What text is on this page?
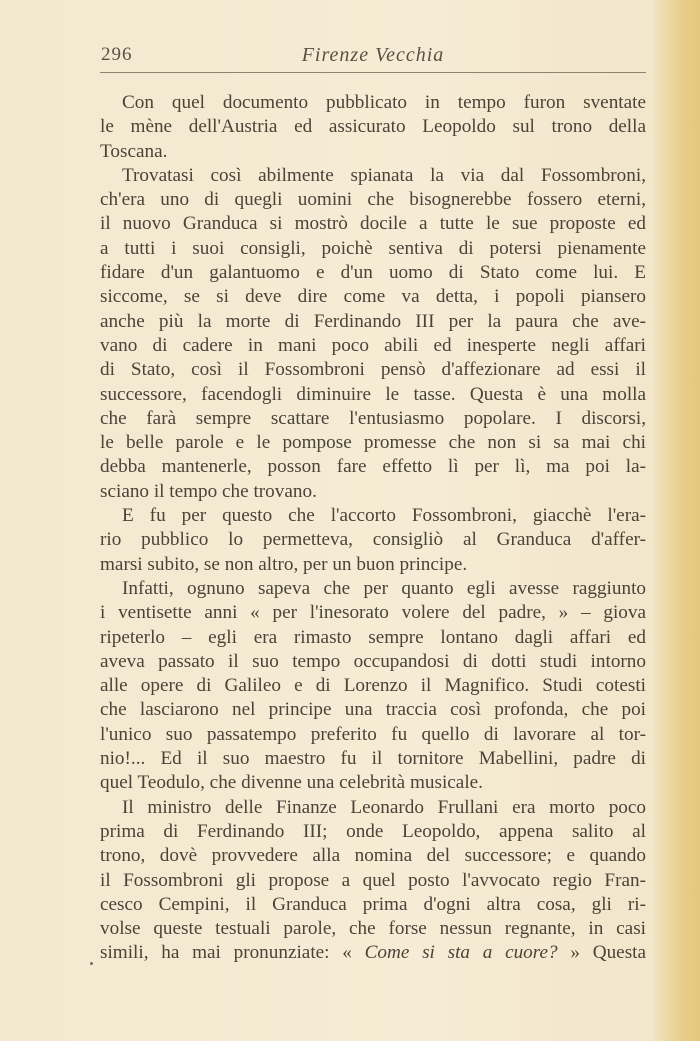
296	Firenze Vecchia
Con quel documento pubblicato in tempo furon sventate
le mène dell'Austria ed assicurato Leopoldo sul trono della
Toscana.
Trovatasi così abilmente spianata la via dal Fossombroni,
ch'era uno di quegli uomini che bisognerebbe fossero eterni,
il nuovo Granduca si mostrò docile a tutte le sue proposte ed
a tutti i suoi consigli, poichè sentiva di potersi pienamente
fidare d'un galantuomo e d'un uomo di Stato come lui. E
siccome, se si deve dire come va detta, i popoli piansero
anche più la morte di Ferdinando III per la paura che ave-
vano di cadere in mani poco abili ed inesperte negli affari
di Stato, così il Fossombroni pensò d'affezionare ad essi il
successore, facendogli diminuire le tasse. Questa è una molla
che farà sempre scattare l'entusiasmo popolare. I discorsi,
le belle parole e le pompose promesse che non si sa mai chi
debba mantenerle, posson fare effetto lì per lì, ma poi la-
sciano il tempo che trovano.
E fu per questo che l'accorto Fossombroni, giacchè l'era-
rio pubblico lo permetteva, consigliò al Granduca d'affer-
marsi subito, se non altro, per un buon principe.
Infatti, ognuno sapeva che per quanto egli avesse raggiunto
i ventisette anni « per l'inesorato volere del padre, » – giova
ripeterlo – egli era rimasto sempre lontano dagli affari ed
aveva passato il suo tempo occupandosi di dotti studi intorno
alle opere di Galileo e di Lorenzo il Magnifico. Studi cotesti
che lasciarono nel principe una traccia così profonda, che poi
l'unico suo passatempo preferito fu quello di lavorare al tor-
nio!... Ed il suo maestro fu il tornitore Mabellini, padre di
quel Teodulo, che divenne una celebrità musicale.
Il ministro delle Finanze Leonardo Frullani era morto poco
prima di Ferdinando III; onde Leopoldo, appena salito al
trono, dovè provvedere alla nomina del successore; e quando
il Fossombroni gli propose a quel posto l'avvocato regio Fran-
cesco Cempini, il Granduca prima d'ogni altra cosa, gli ri-
volse queste testuali parole, che forse nessun regnante, in casi
simili, ha mai pronunziate: « Come si sta a cuore? » Questa
